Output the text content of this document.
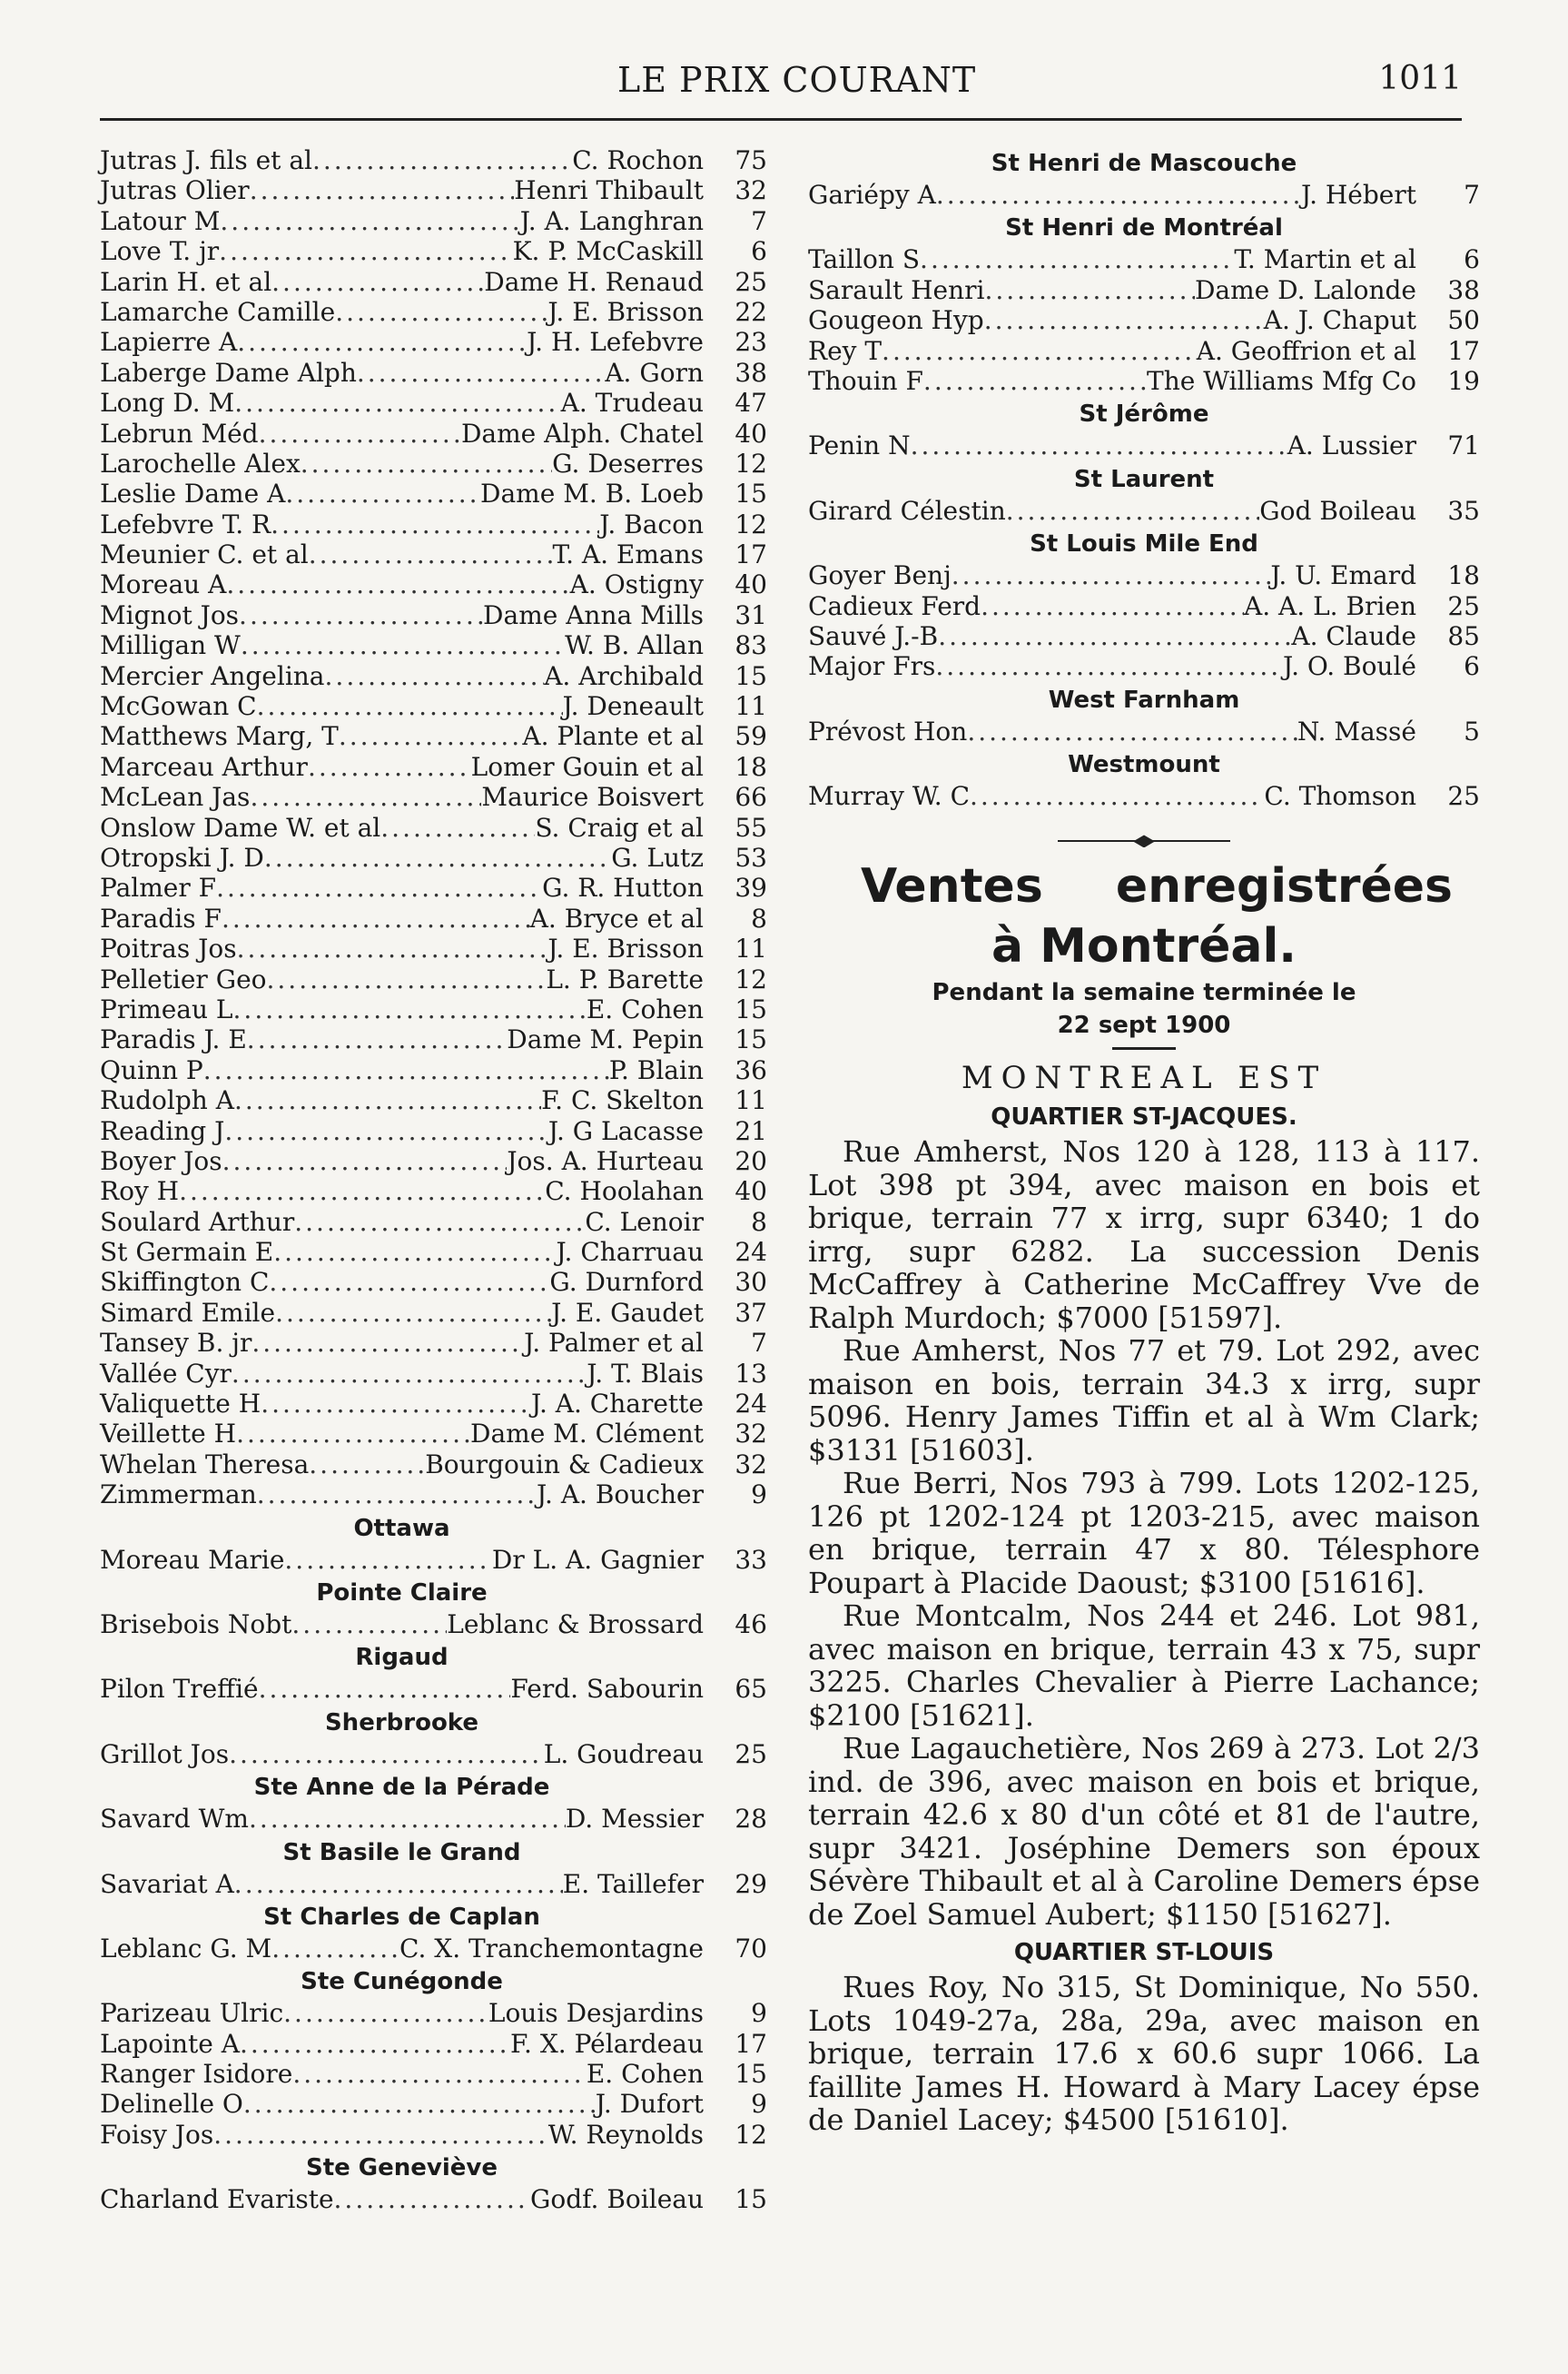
LE PRIX COURANT	1011
Jutras J. fils et al .....	C. Rochon	75
Jutras Olier .....	Henri Thibault	32
Latour M .....	J. A. Langhran	7
Love T. jr .....	K. P. McCaskill	6
Larin H. et al .....	Dame H. Renaud	25
Lamarche Camille .....	J. E. Brisson	22
Lapierre A .....	J. H. Lefebvre	23
Laberge Dame Alph .....	A. Gorn	38
Long D. M .....	A. Trudeau	47
Lebrun Méd .....	Dame Alph. Chatel	40
Larochelle Alex .....	G. Deserres	12
Leslie Dame A .....	Dame M. B. Loeb	15
Lefebvre T. R .....	J. Bacon	12
Meunier C. et al .....	T. A. Emans	17
Moreau A .....	A. Ostigny	40
Mignot Jos .....	Dame Anna Mills	31
Milligan W .....	W. B. Allan	83
Mercier Angelina .....	A. Archibald	15
McGowan C .....	J. Deneault	11
Matthews Marg, T .....	A. Plante et al	59
Marceau Arthur .....	Lomer Gouin et al	18
McLean Jas .....	Maurice Boisvert	66
Onslow Dame W. et al .....	S. Craig et al	55
Otropski J. D .....	G. Lutz	53
Palmer F .....	G. R. Hutton	39
Paradis F .....	A. Bryce et al	8
Poitras Jos .....	J. E. Brisson	11
Pelletier Geo .....	L. P. Barette	12
Primeau L .....	E. Cohen	15
Paradis J. E .....	Dame M. Pepin	15
Quinn P .....	P. Blain	36
Rudolph A .....	F. C. Skelton	11
Reading J .....	J. G Lacasse	21
Boyer Jos .....	Jos. A. Hurteau	20
Roy H .....	C. Hoolahan	40
Soulard Arthur .....	C. Lenoir	8
St Germain E .....	J. Charruau	24
Skiffington C .....	G. Durnford	30
Simard Emile .....	J. E. Gaudet	37
Tansey B. jr .....	J. Palmer et al	7
Vallée Cyr .....	J. T. Blais	13
Valiquette H .....	J. A. Charette	24
Veillette H .....	Dame M. Clément	32
Whelan Theresa .....	Bourgouin & Cadieux	32
Zimmerman .....	J. A. Boucher	9
Ottawa
Moreau Marie .....	Dr L. A. Gagnier	33
Pointe Claire
Brisebois Nobt .....	Leblanc & Brossard	46
Rigaud
Pilon Treffié .....	Ferd. Sabourin	65
Sherbrooke
Grillot Jos .....	L. Goudreau	25
Ste Anne de la Pérade
Savard Wm .....	D. Messier	28
St Basile le Grand
Savariat A .....	E. Taillefer	29
St Charles de Caplan
Leblanc G. M .....	C. X. Tranchemontagne	70
Ste Cunégonde
Parizeau Ulric .....	Louis Desjardins	9
Lapointe A .....	F. X. Pélardeau	17
Ranger Isidore .....	E. Cohen	15
Delinelle O .....	J. Dufort	9
Foisy Jos .....	W. Reynolds	12
Ste Geneviève
Charland Evariste .....	Godf. Boileau	15
St Henri de Mascouche
Gariépy A .....	J. Hébert	7
St Henri de Montréal
Taillon S .....	T. Martin et al	6
Sarault Henri .....	Dame D. Lalonde	38
Gougeon Hyp .....	A. J. Chaput	50
Rey T .....	A. Geoffrion et al	17
Thouin F .....	The Williams Mfg Co	19
St Jérôme
Penin N .....	A. Lussier	71
St Laurent
Girard Célestin .....	God Boileau	35
St Louis Mile End
Goyer Benj .....	J. U. Emard	18
Cadieux Ferd .....	A. A. L. Brien	25
Sauvé J.-B .....	A. Claude	85
Major Frs .....	J. O. Boulé	6
West Farnham
Prévost Hon .....	N. Massé	5
Westmount
Murray W. C .....	C. Thomson	25
Ventes enregistrées
à Montréal.
Pendant la semaine terminée le
22 sept 1900
MONTREAL EST
QUARTIER ST-JACQUES.

Rue Amherst, Nos 120 à 128, 113 à 117. Lot 398 pt 394, avec maison en bois et brique, terrain 77 x irrg, supr 6340; 1 do irrg, supr 6282. La succession Denis McCaffrey à Catherine McCaffrey Vve de Ralph Murdoch; $7000 [51597].

Rue Amherst, Nos 77 et 79. Lot 292, avec maison en bois, terrain 34.3 x irrg, supr 5096. Henry James Tiffin et al à Wm Clark; $3131 [51603].

Rue Berri, Nos 793 à 799. Lots 1202-125, 126 pt 1202-124 pt 1203-215, avec maison en brique, terrain 47 x 80. Télesphore Poupart à Placide Daoust; $3100 [51616].

Rue Montcalm, Nos 244 et 246. Lot 981, avec maison en brique, terrain 43 x 75, supr 3225. Charles Chevalier à Pierre Lachance; $2100 [51621].

Rue Lagauchetière, Nos 269 à 273. Lot 2/3 ind. de 396, avec maison en bois et brique, terrain 42.6 x 80 d'un côté et 81 de l'autre, supr 3421. Joséphine Demers son époux Sévère Thibault et al à Caroline Demers épse de Zoel Samuel Aubert; $1150 [51627].

QUARTIER ST-LOUIS

Rues Roy, No 315, St Dominique, No 550. Lots 1049-27a, 28a, 29a, avec maison en brique, terrain 17.6 x 60.6 supr 1066. La faillite James H. Howard à Mary Lacey épse de Daniel Lacey; $4500 [51610].
